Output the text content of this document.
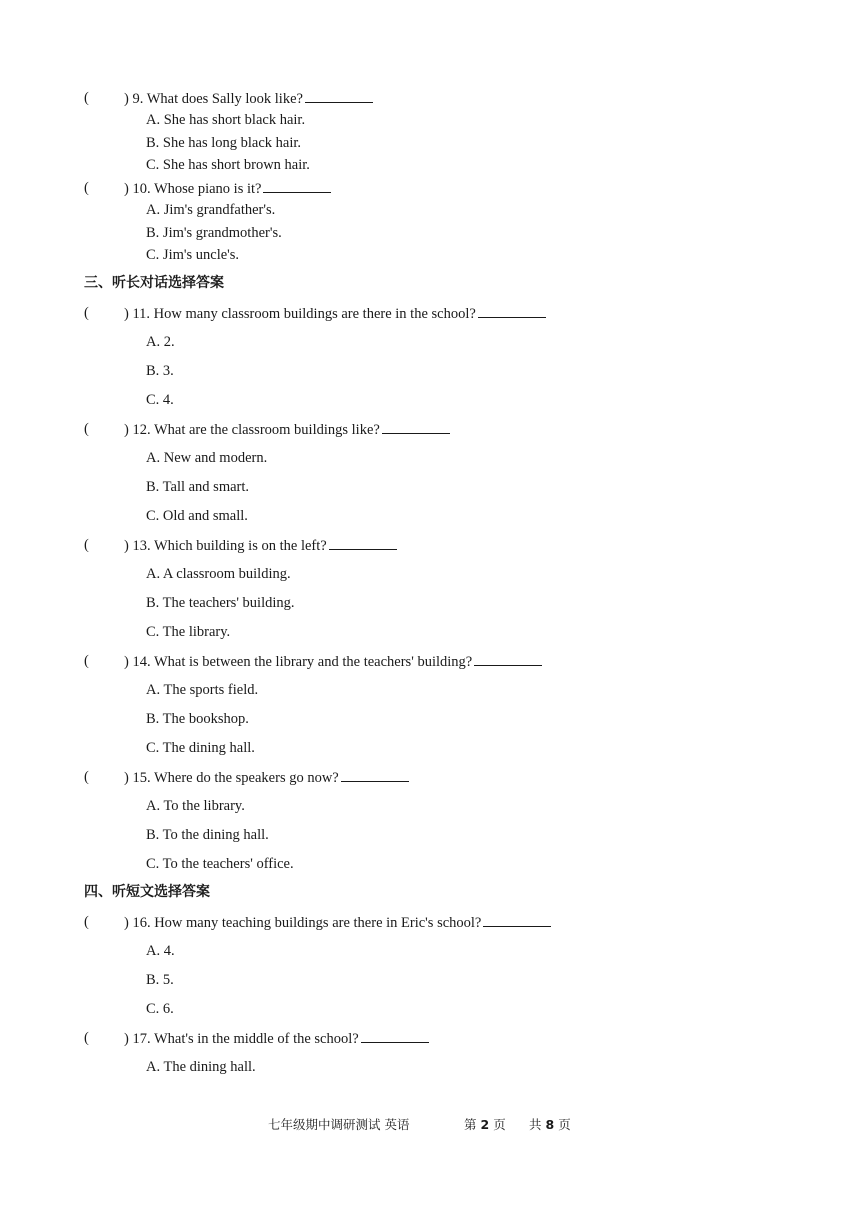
( ) 9. What does Sally look like?
A. She has short black hair.
B. She has long black hair.
C. She has short brown hair.
( ) 10. Whose piano is it?
A. Jim's grandfather's.
B. Jim's grandmother's.
C. Jim's uncle's.
三、听长对话选择答案
( ) 11. How many classroom buildings are there in the school?
A. 2.
B. 3.
C. 4.
( ) 12. What are the classroom buildings like?
A. New and modern.
B. Tall and smart.
C. Old and small.
( ) 13. Which building is on the left?
A. A classroom building.
B. The teachers' building.
C. The library.
( ) 14. What is between the library and the teachers' building?
A. The sports field.
B. The bookshop.
C. The dining hall.
( ) 15. Where do the speakers go now?
A. To the library.
B. To the dining hall.
C. To the teachers' office.
四、听短文选择答案
( ) 16. How many teaching buildings are there in Eric's school?
A. 4.
B. 5.
C. 6.
( ) 17. What's in the middle of the school?
A. The dining hall.
七年级期中调研测试 英语	第 2 页 共 8 页
